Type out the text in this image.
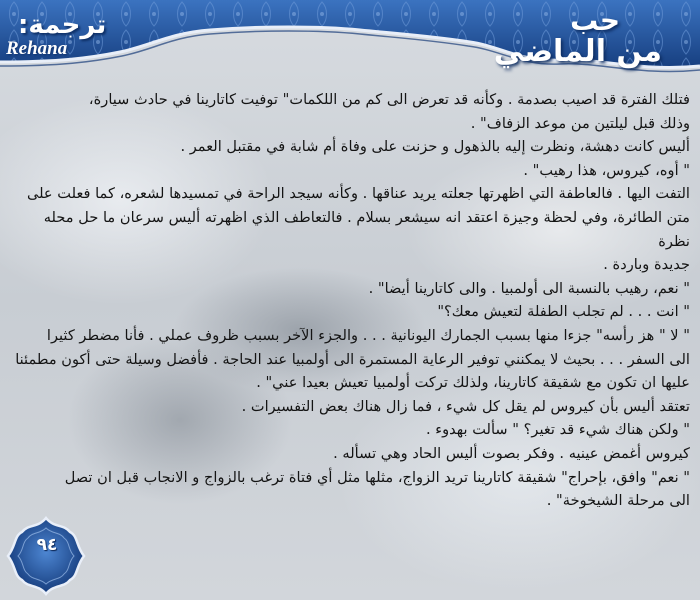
ترجمة:
Rehana
حب
من الماضي

فتلك الفترة قد اصيب بصدمة . وكأنه قد تعرض الى كم من اللكمات" توفيت كاتارينا في حادث سيارة،

وذلك قبل ليلتين من موعد الزفاف" .

أليس كانت دهشة، ونظرت إليه بالذهول و حزنت على وفاة أم شابة في مقتبل العمر .

" أوه، كيروس، هذا رهيب" .

التفت اليها . فالعاطفة التي اظهرتها جعلته يريد عناقها . وكأنه سيجد الراحة في تمسيدها لشعره، كما فعلت على

متن الطائرة، وفي لحظة وجيزة اعتقد انه سيشعر بسلام . فالتعاطف الذي اظهرته أليس سرعان ما حل محله نظرة

جديدة وباردة .

" نعم، رهيب بالنسبة الى أولمبيا . والى كاتارينا أيضا" .

" انت . . . لم تجلب الطفلة لتعيش معك؟"

" لا " هز رأسه" جزءا منها بسبب الجمارك اليونانية . . . والجزء الآخر بسبب ظروف عملي . فأنا مضطر كثيرا

الى السفر . . . بحيث لا يمكنني توفير الرعاية المستمرة الى أولمبيا عند الحاجة . فأفضل وسيلة حتى أكون مطمئنا

عليها ان تكون مع شقيقة كاتارينا، ولذلك تركت أولمبيا تعيش بعيدا عني" .

تعتقد أليس بأن كيروس لم يقل كل شيء ، فما زال هناك بعض التفسيرات .

" ولكن هناك شيء قد تغير؟ " سألت بهدوء .

كيروس أغمض عينيه . وفكر بصوت أليس الحاد وهي تسأله .

" نعم" وافق، بإحراج" شقيقة كاتارينا تريد الزواج، مثلها مثل أي فتاة ترغب بالزواج و الانجاب قبل ان تصل

الى مرحلة الشيخوخة" .

٩٤
